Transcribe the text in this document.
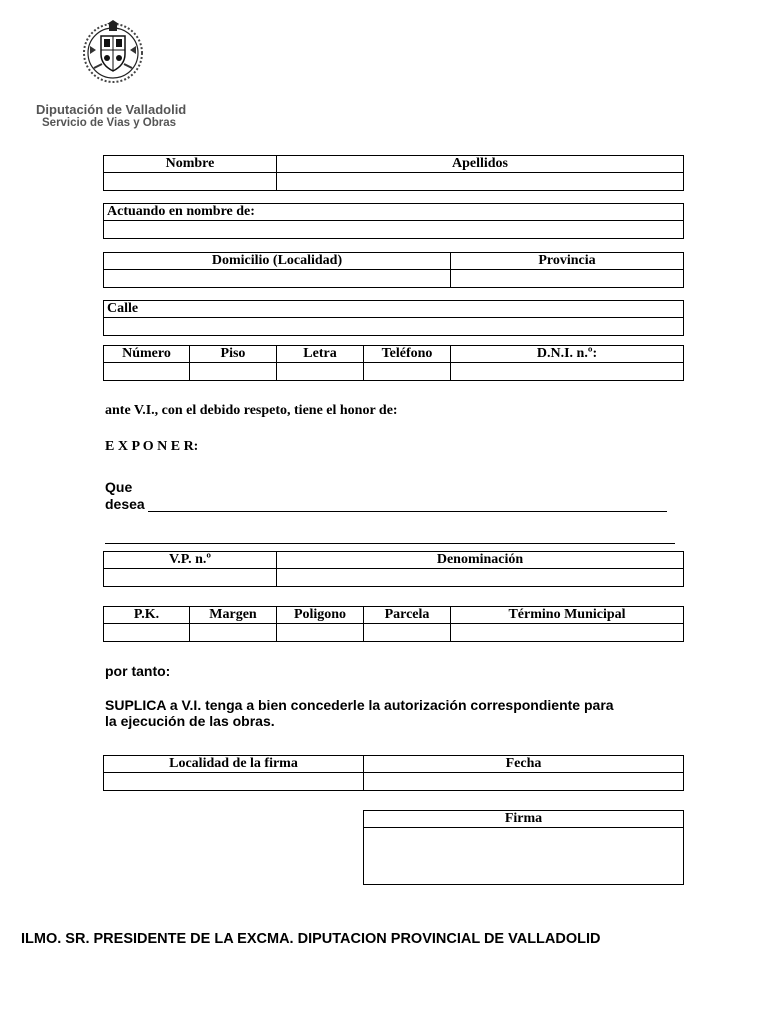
Diputación de Valladolid
Servicio de Vias y Obras
Nombre	Apellidos

Actuando en nombre de:

Domicilio (Localidad)	Provincia

Calle

Número	Piso	Letra	Teléfono	D.N.I. n.º:

ante V.I., con el debido respeto, tiene el honor de:
E X P O N E R:
Que
desea
V.P. n.º	Denominación

P.K.	Margen	Poligono	Parcela	Término Municipal

por tanto:
SUPLICA a V.I. tenga a bien concederle la autorización correspondiente para
la ejecución de las obras.
Localidad de la firma	Fecha

Firma

ILMO. SR. PRESIDENTE DE LA EXCMA. DIPUTACION PROVINCIAL DE VALLADOLID
